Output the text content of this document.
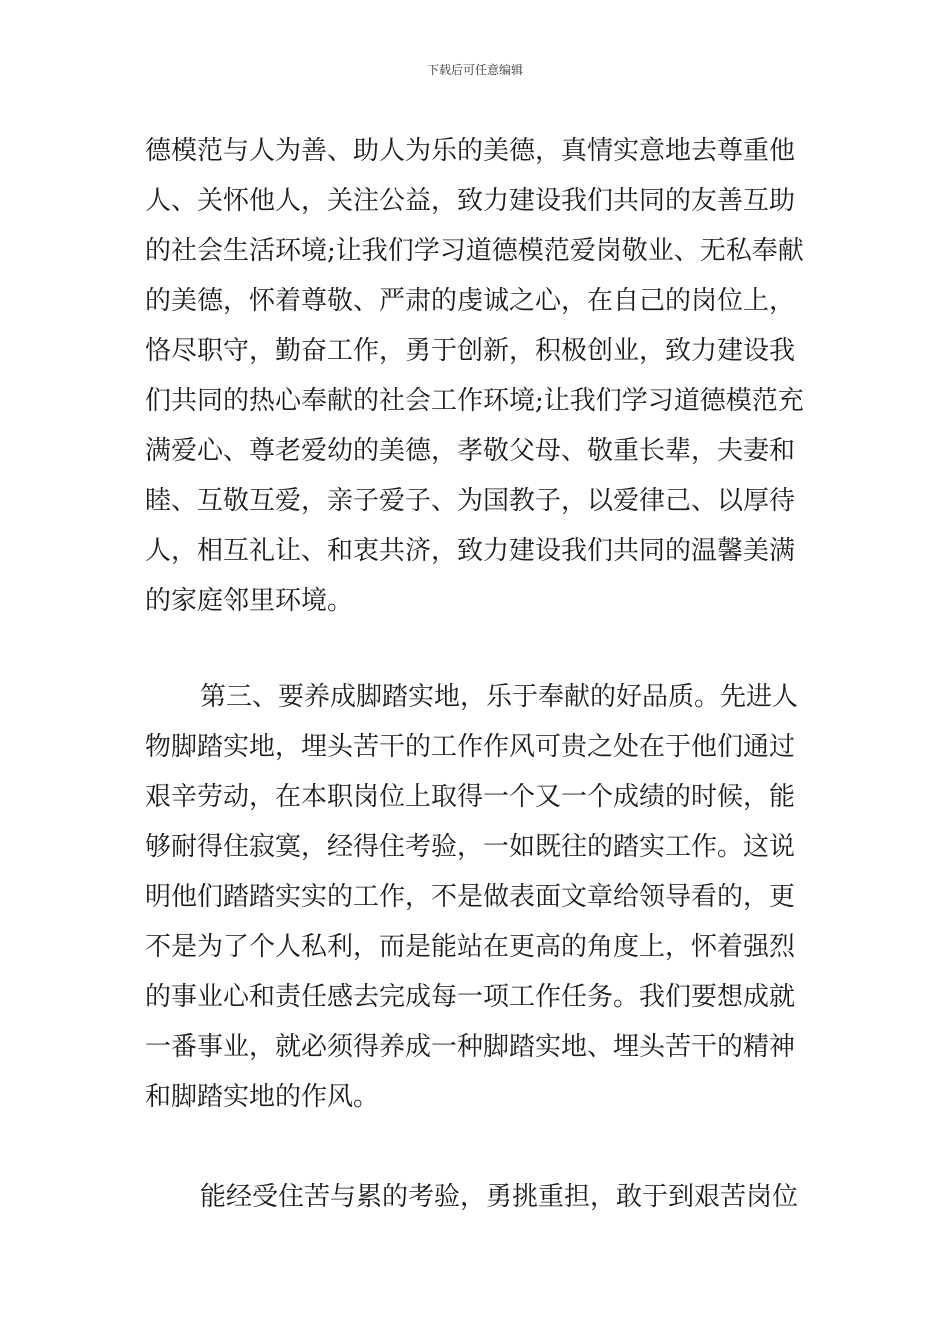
下载后可任意编辑
德模范与人为善、助人为乐的美德，真情实意地去尊重他
人、关怀他人，关注公益，致力建设我们共同的友善互助
的社会生活环境;让我们学习道德模范爱岗敬业、无私奉献
的美德，怀着尊敬、严肃的虔诚之心，在自己的岗位上，
恪尽职守，勤奋工作，勇于创新，积极创业，致力建设我
们共同的热心奉献的社会工作环境;让我们学习道德模范充
满爱心、尊老爱幼的美德，孝敬父母、敬重长辈，夫妻和
睦、互敬互爱，亲子爱子、为国教子，以爱律己、以厚待
人，相互礼让、和衷共济，致力建设我们共同的温馨美满
的家庭邻里环境。
第三、要养成脚踏实地，乐于奉献的好品质。先进人
物脚踏实地，埋头苦干的工作作风可贵之处在于他们通过
艰辛劳动，在本职岗位上取得一个又一个成绩的时候，能
够耐得住寂寞，经得住考验，一如既往的踏实工作。这说
明他们踏踏实实的工作，不是做表面文章给领导看的，更
不是为了个人私利，而是能站在更高的角度上，怀着强烈
的事业心和责任感去完成每一项工作任务。我们要想成就
一番事业，就必须得养成一种脚踏实地、埋头苦干的精神
和脚踏实地的作风。
能经受住苦与累的考验，勇挑重担，敢于到艰苦岗位
